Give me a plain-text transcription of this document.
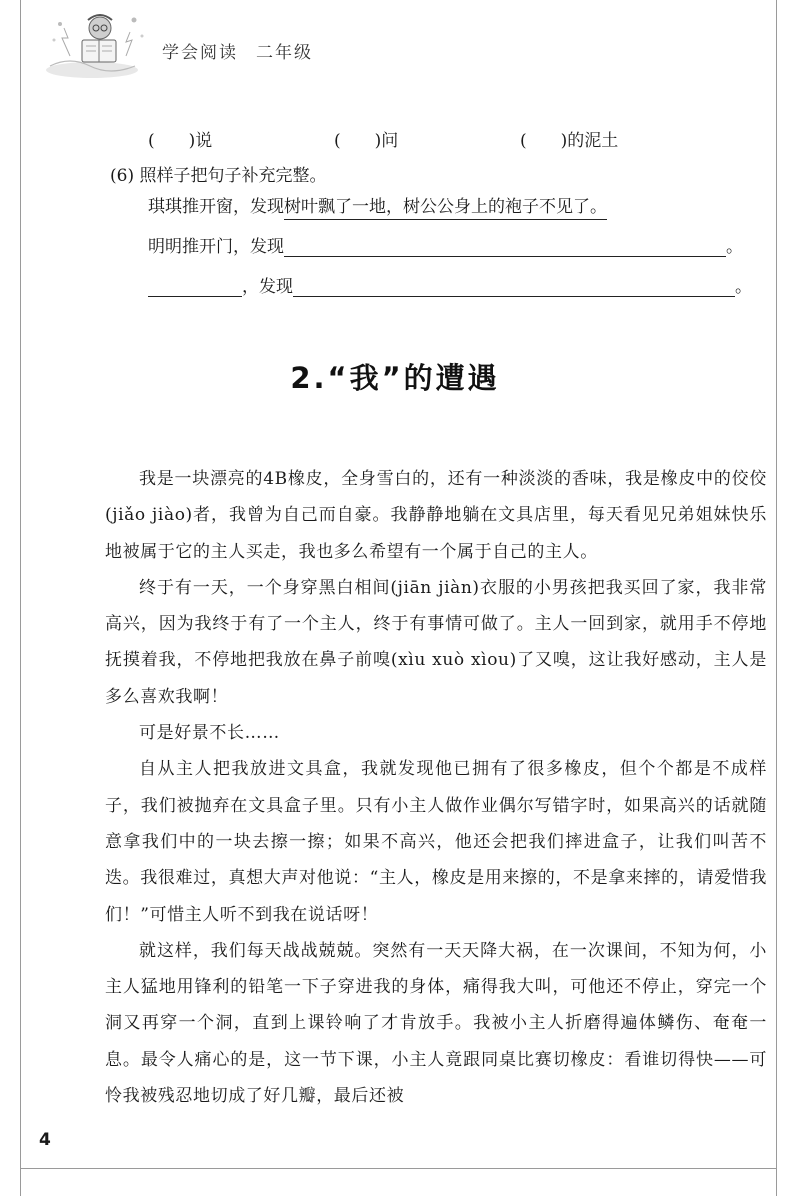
学会阅读 二年级
( )说	( )问	( )的泥土
(6) 照样子把句子补充完整。
琪琪推开窗，发现树叶飘了一地，树公公身上的袍子不见了。
明明推开门，发现	。
，发现	。
2.“我”的遭遇

我是一块漂亮的4B橡皮，全身雪白的，还有一种淡淡的香味，我是橡皮中的佼佼(jiǎo jiào)者，我曾为自己而自豪。我静静地躺在文具店里，每天看见兄弟姐妹快乐地被属于它的主人买走，我也多么希望有一个属于自己的主人。

终于有一天，一个身穿黑白相间(jiān jiàn)衣服的小男孩把我买回了家，我非常高兴，因为我终于有了一个主人，终于有事情可做了。主人一回到家，就用手不停地抚摸着我，不停地把我放在鼻子前嗅(xìu xuò xìou)了又嗅，这让我好感动，主人是多么喜欢我啊！

可是好景不长……

自从主人把我放进文具盒，我就发现他已拥有了很多橡皮，但个个都是不成样子，我们被抛弃在文具盒子里。只有小主人做作业偶尔写错字时，如果高兴的话就随意拿我们中的一块去擦一擦；如果不高兴，他还会把我们摔进盒子，让我们叫苦不迭。我很难过，真想大声对他说：“主人，橡皮是用来擦的，不是拿来摔的，请爱惜我们！”可惜主人听不到我在说话呀！

就这样，我们每天战战兢兢。突然有一天天降大祸，在一次课间，不知为何，小主人猛地用锋利的铅笔一下子穿进我的身体，痛得我大叫，可他还不停止，穿完一个洞又再穿一个洞，直到上课铃响了才肯放手。我被小主人折磨得遍体鳞伤、奄奄一息。最令人痛心的是，这一节下课，小主人竟跟同桌比赛切橡皮：看谁切得快——可怜我被残忍地切成了好几瓣，最后还被

4
